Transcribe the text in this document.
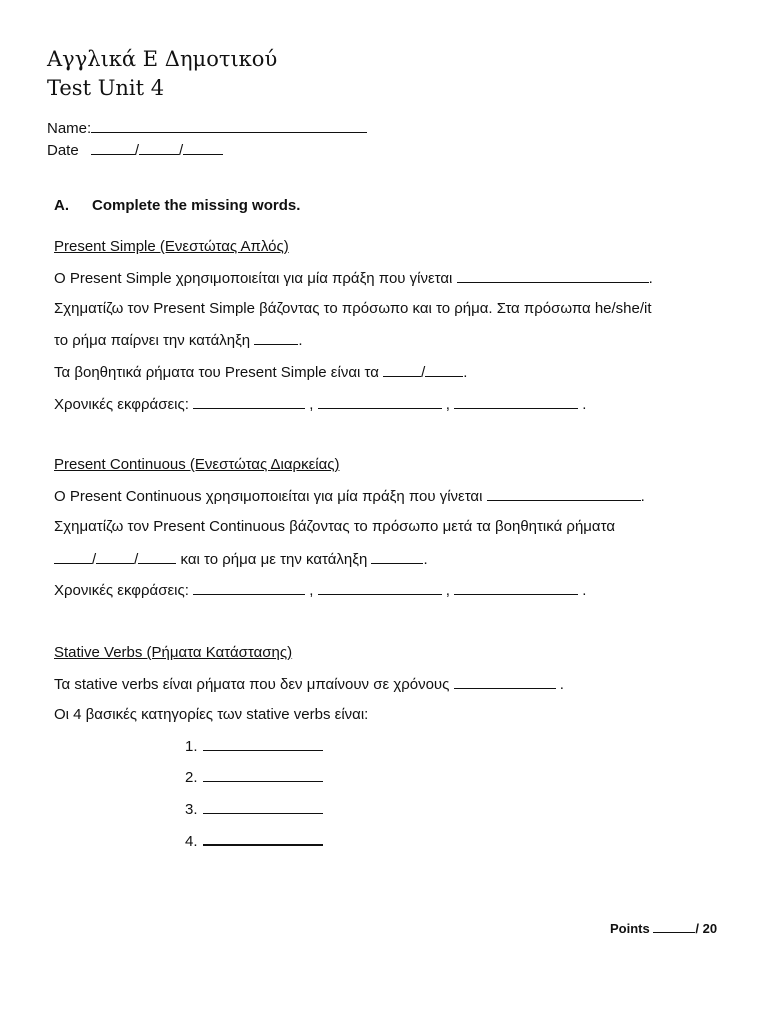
Αγγλικά Ε Δημοτικού
Test Unit 4
Name:
Date	/	/
A. Complete the missing words.
Present Simple (Ενεστώτας Απλός)
Ο Present Simple χρησιμοποιείται για μία πράξη που γίνεται	.
Σχηματίζω τον Present Simple βάζοντας το πρόσωπο και το ρήμα. Στα πρόσωπα he/she/it
το ρήμα παίρνει την κατάληξη	.
Τα βοηθητικά ρήματα του Present Simple είναι τα	/	.
Χρονικές εκφράσεις:	,	,	.
Present Continuous (Ενεστώτας Διαρκείας)
Ο Present Continuous χρησιμοποιείται για μία πράξη που γίνεται	.
Σχηματίζω τον Present Continuous βάζοντας το πρόσωπο μετά τα βοηθητικά ρήματα
/	/	και το ρήμα με την κατάληξη	.
Χρονικές εκφράσεις:	,	,	.
Stative Verbs (Ρήματα Κατάστασης)
Τα stative verbs είναι ρήματα που δεν μπαίνουν σε χρόνους	.
Οι 4 βασικές κατηγορίες των stative verbs είναι:
1.
2.
3.
4.
Points	/ 20
